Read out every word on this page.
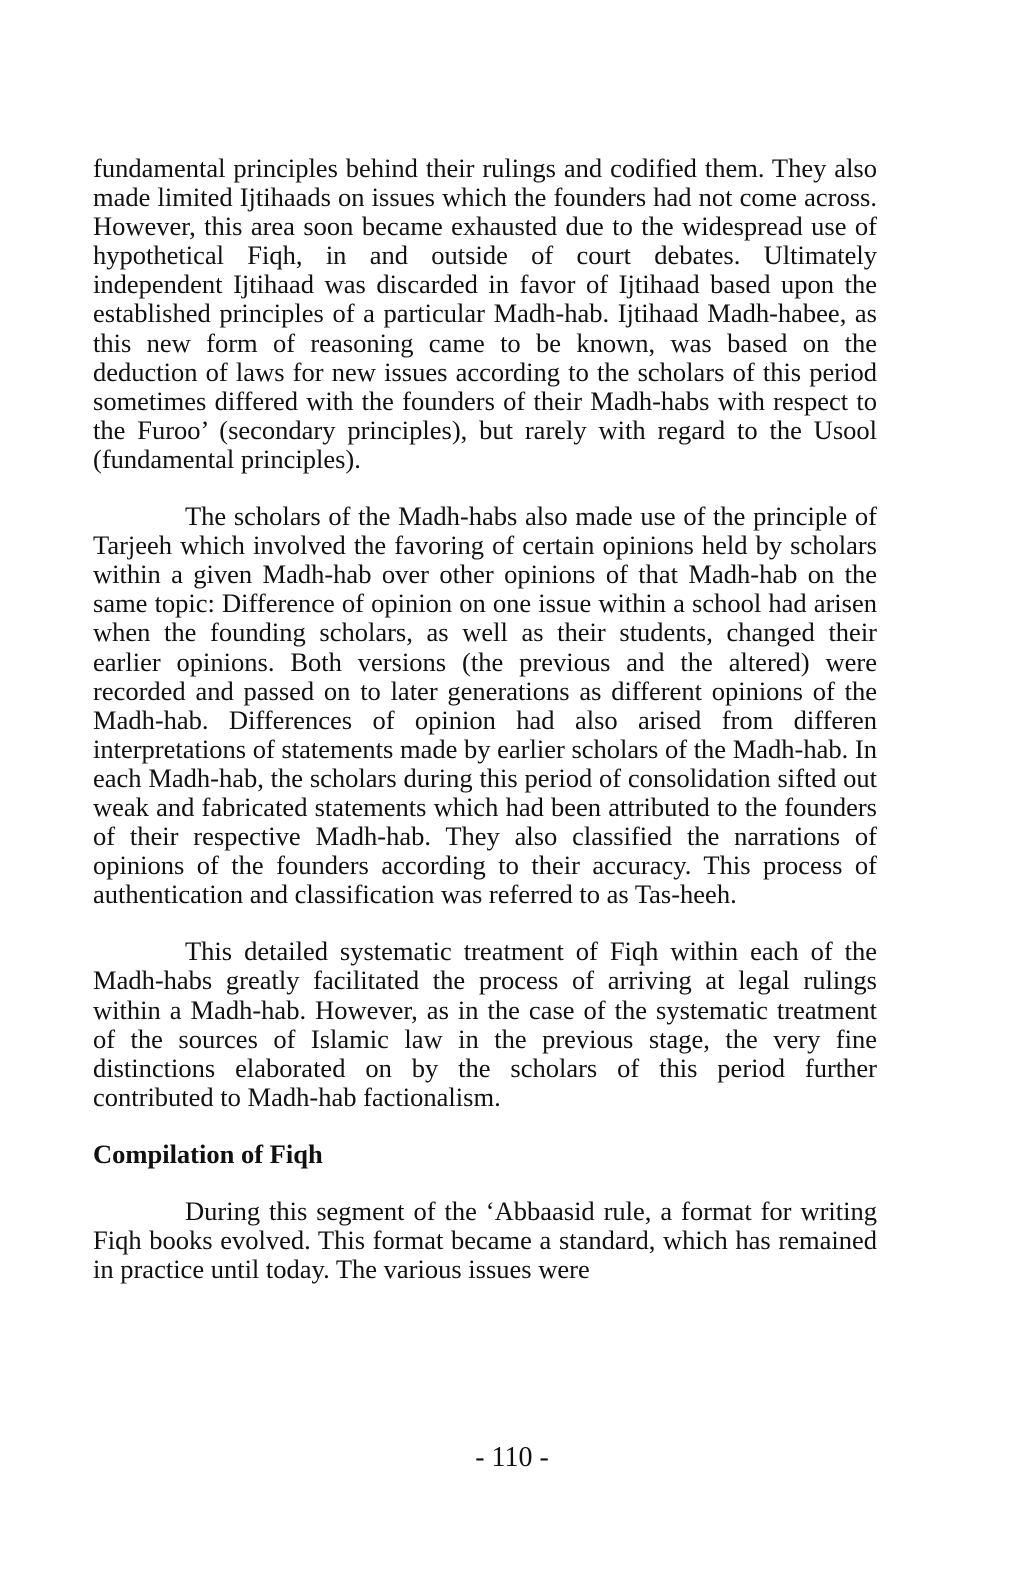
fundamental principles behind their rulings and codified them. They also made limited Ijtihaads on issues which the founders had not come across. However, this area soon became exhausted due to the widespread use of hypothetical Fiqh, in and outside of court debates. Ultimately independent Ijtihaad was discarded in favor of Ijtihaad based upon the established principles of a particular Madh-hab. Ijtihaad Madh-habee, as this new form of reasoning came to be known, was based on the deduction of laws for new issues according to the scholars of this period sometimes differed with the founders of their Madh-habs with respect to the Furoo’ (secondary principles), but rarely with regard to the Usool (fundamental principles).

The scholars of the Madh-habs also made use of the principle of Tarjeeh which involved the favoring of certain opinions held by scholars within a given Madh-hab over other opinions of that Madh-hab on the same topic: Difference of opinion on one issue within a school had arisen when the founding scholars, as well as their students, changed their earlier opinions. Both versions (the previous and the altered) were recorded and passed on to later generations as different opinions of the Madh-hab. Differences of opinion had also arised from differen interpretations of statements made by earlier scholars of the Madh-hab. In each Madh-hab, the scholars during this period of consolidation sifted out weak and fabricated statements which had been attributed to the founders of their respective Madh-hab. They also classified the narrations of opinions of the founders according to their accuracy. This process of authentication and classification was referred to as Tas-heeh.

This detailed systematic treatment of Fiqh within each of the Madh-habs greatly facilitated the process of arriving at legal rulings within a Madh-hab. However, as in the case of the systematic treatment of the sources of Islamic law in the previous stage, the very fine distinctions elaborated on by the scholars of this period further contributed to Madh-hab factionalism.

Compilation of Fiqh

During this segment of the ‘Abbaasid rule, a format for writing Fiqh books evolved. This format became a standard, which has remained in practice until today. The various issues were

- 110 -
